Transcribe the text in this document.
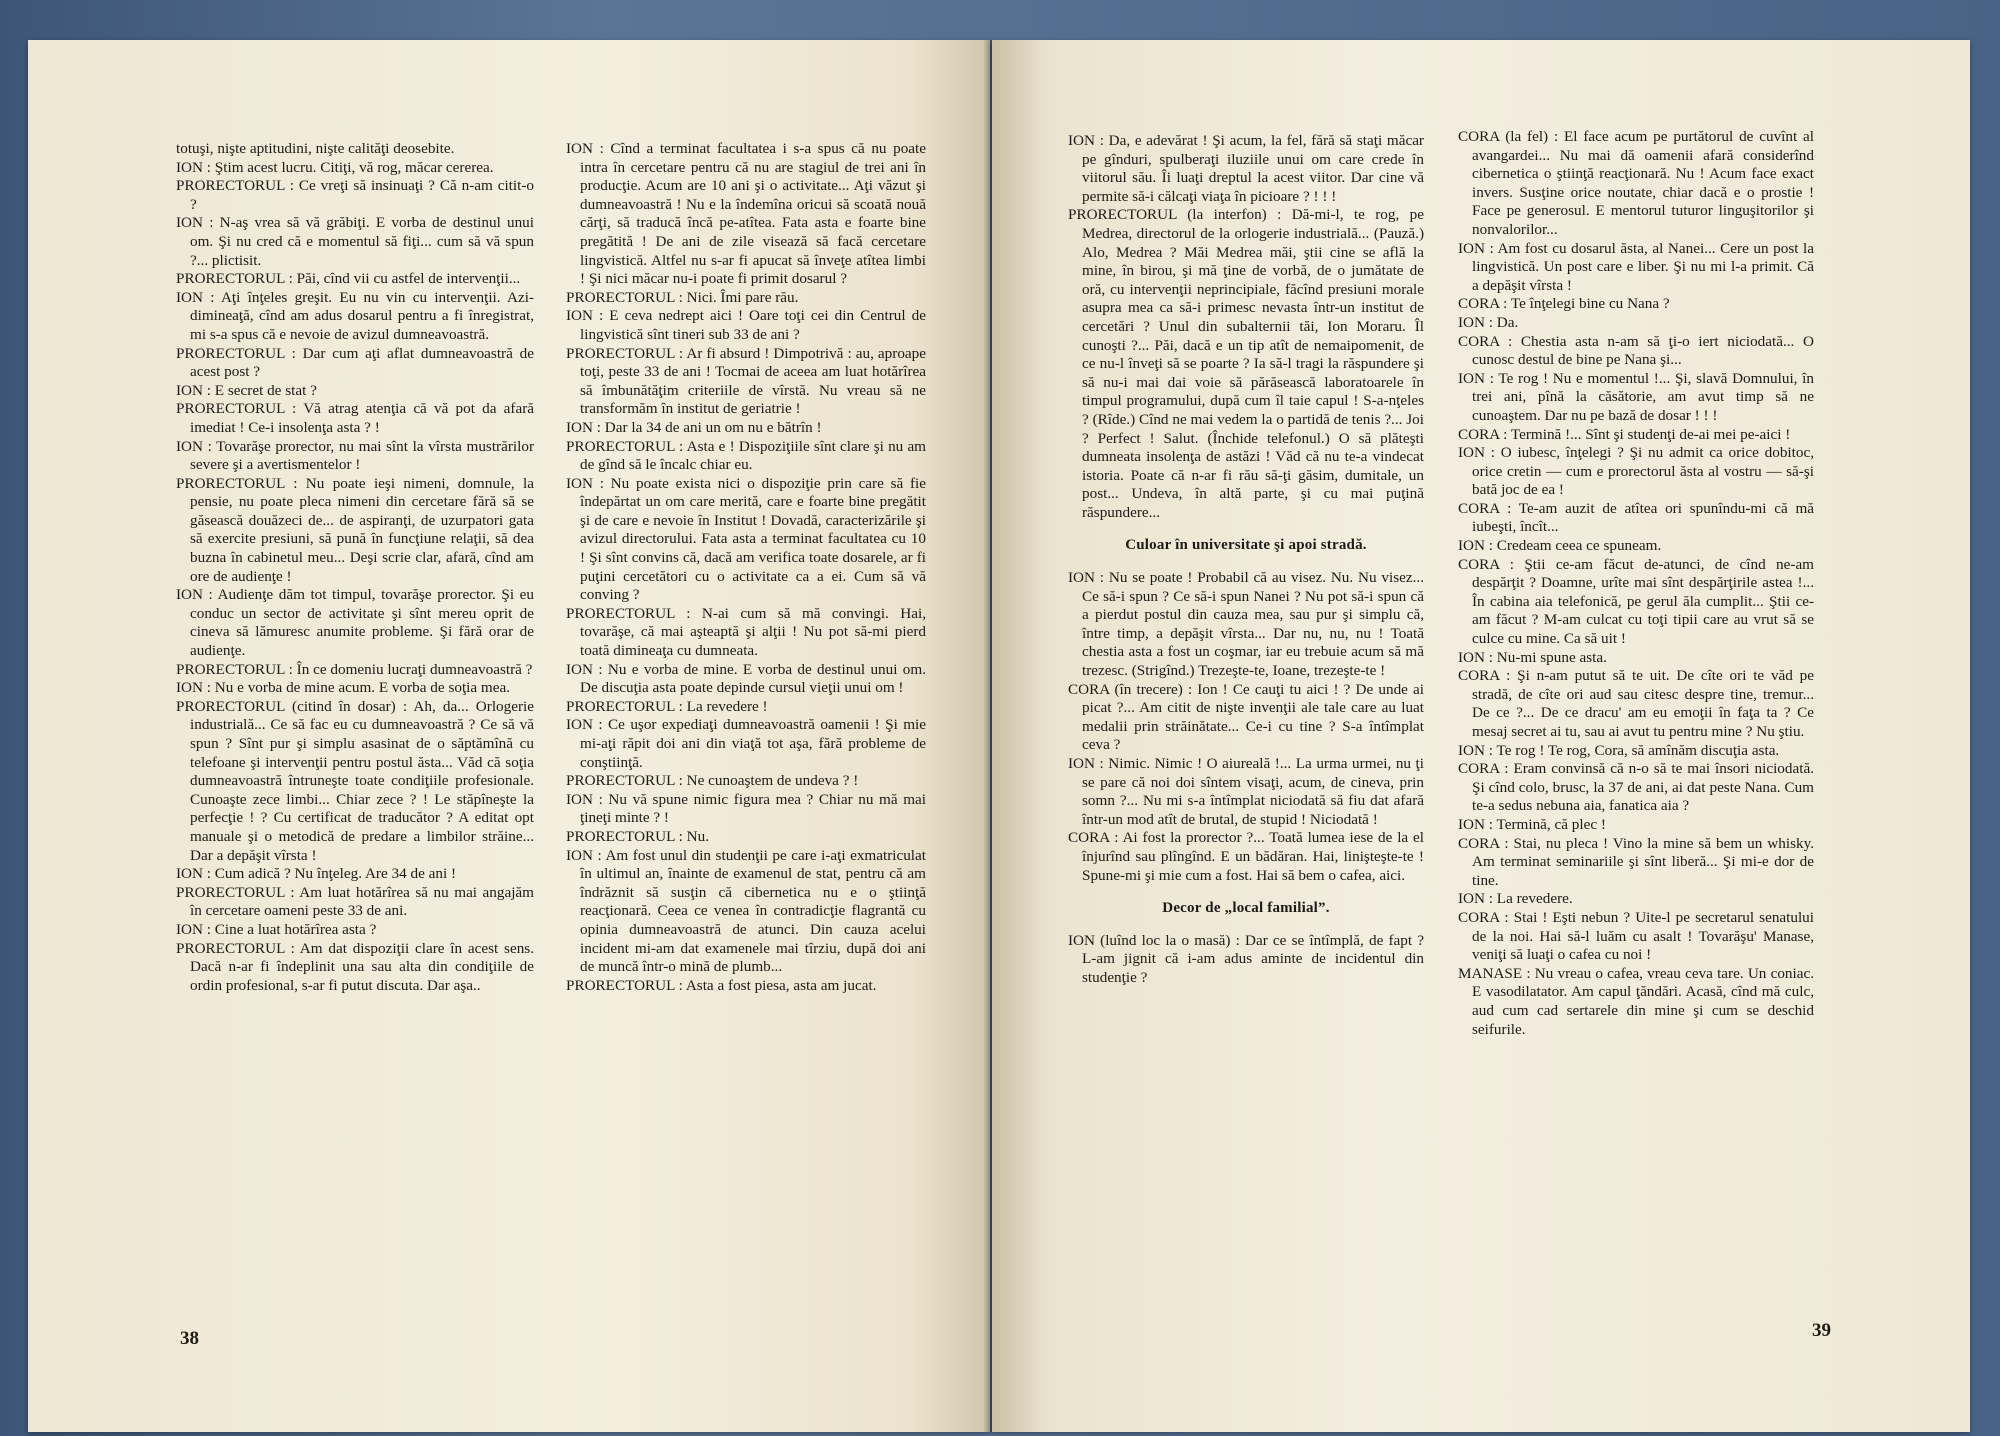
totuşi, nişte aptitudini, nişte calităţi deosebite.

ION : Ştim acest lucru. Citiţi, vă rog, măcar cererea.

PRORECTORUL : Ce vreţi să insinuaţi ? Că n-am citit-o ?

ION : N-aş vrea să vă grăbiţi. E vorba de destinul unui om. Şi nu cred că e momentul să fiţi... cum să vă spun ?... plictisit.

PRORECTORUL : Păi, cînd vii cu astfel de intervenţii...

ION : Aţi înţeles greşit. Eu nu vin cu intervenţii. Azi-dimineaţă, cînd am adus dosarul pentru a fi înregistrat, mi s-a spus că e nevoie de avizul dumneavoastră.

PRORECTORUL : Dar cum aţi aflat dumneavoastră de acest post ?

ION : E secret de stat ?

PRORECTORUL : Vă atrag atenţia că vă pot da afară imediat ! Ce-i insolenţa asta ? !

ION : Tovarăşe prorector, nu mai sînt la vîrsta mustrărilor severe şi a avertismentelor !

PRORECTORUL : Nu poate ieşi nimeni, domnule, la pensie, nu poate pleca nimeni din cercetare fără să se găsească douăzeci de... de aspiranţi, de uzurpatori gata să exercite presiuni, să pună în funcţiune relaţii, să dea buzna în cabinetul meu... Deşi scrie clar, afară, cînd am ore de audienţe !

ION : Audienţe dăm tot timpul, tovarăşe prorector. Şi eu conduc un sector de activitate şi sînt mereu oprit de cineva să lămuresc anumite probleme. Şi fără orar de audienţe.

PRORECTORUL : În ce domeniu lucraţi dumneavoastră ?

ION : Nu e vorba de mine acum. E vorba de soţia mea.

PRORECTORUL (citind în dosar) : Ah, da... Orlogerie industrială... Ce să fac eu cu dumneavoastră ? Ce să vă spun ? Sînt pur şi simplu asasinat de o săptămînă cu telefoane şi intervenţii pentru postul ăsta... Văd că soţia dumneavoastră întruneşte toate condiţiile profesionale. Cunoaşte zece limbi... Chiar zece ? ! Le stăpîneşte la perfecţie ! ? Cu certificat de traducător ? A editat opt manuale şi o metodică de predare a limbilor străine... Dar a depăşit vîrsta !

ION : Cum adică ? Nu înţeleg. Are 34 de ani !

PRORECTORUL : Am luat hotărîrea să nu mai angajăm în cercetare oameni peste 33 de ani.

ION : Cine a luat hotărîrea asta ?

PRORECTORUL : Am dat dispoziţii clare în acest sens. Dacă n-ar fi îndeplinit una sau alta din condiţiile de ordin profesional, s-ar fi putut discuta. Dar aşa..

ION : Cînd a terminat facultatea i s-a spus că nu poate intra în cercetare pentru că nu are stagiul de trei ani în producţie. Acum are 10 ani şi o activitate... Aţi văzut şi dumneavoastră ! Nu e la îndemîna oricui să scoată nouă cărţi, să traducă încă pe-atîtea. Fata asta e foarte bine pregătită ! De ani de zile visează să facă cercetare lingvistică. Altfel nu s-ar fi apucat să înveţe atîtea limbi ! Şi nici măcar nu-i poate fi primit dosarul ?

PRORECTORUL : Nici. Îmi pare rău.

ION : E ceva nedrept aici ! Oare toţi cei din Centrul de lingvistică sînt tineri sub 33 de ani ?

PRORECTORUL : Ar fi absurd ! Dimpotrivă : au, aproape toţi, peste 33 de ani ! Tocmai de aceea am luat hotărîrea să îmbunătăţim criteriile de vîrstă. Nu vreau să ne transformăm în institut de geriatrie !

ION : Dar la 34 de ani un om nu e bătrîn !

PRORECTORUL : Asta e ! Dispoziţiile sînt clare şi nu am de gînd să le încalc chiar eu.

ION : Nu poate exista nici o dispoziţie prin care să fie îndepărtat un om care merită, care e foarte bine pregătit şi de care e nevoie în Institut ! Dovadă, caracterizările şi avizul directorului. Fata asta a terminat facultatea cu 10 ! Şi sînt convins că, dacă am verifica toate dosarele, ar fi puţini cercetători cu o activitate ca a ei. Cum să vă conving ?

PRORECTORUL : N-ai cum să mă convingi. Hai, tovarăşe, că mai aşteaptă şi alţii ! Nu pot să-mi pierd toată dimineaţa cu dumneata.

ION : Nu e vorba de mine. E vorba de destinul unui om. De discuţia asta poate depinde cursul vieţii unui om !

PRORECTORUL : La revedere !

ION : Ce uşor expediaţi dumneavoastră oamenii ! Şi mie mi-aţi răpit doi ani din viaţă tot aşa, fără probleme de conştiinţă.

PRORECTORUL : Ne cunoaştem de undeva ? !

ION : Nu vă spune nimic figura mea ? Chiar nu mă mai ţineţi minte ? !

PRORECTORUL : Nu.

ION : Am fost unul din studenţii pe care i-aţi exmatriculat în ultimul an, înainte de examenul de stat, pentru că am îndrăznit să susţin că cibernetica nu e o ştiinţă reacţionară. Ceea ce venea în contradicţie flagrantă cu opinia dumneavoastră de atunci. Din cauza acelui incident mi-am dat examenele mai tîrziu, după doi ani de muncă într-o mină de plumb...

PRORECTORUL : Asta a fost piesa, asta am jucat.

38

ION : Da, e adevărat ! Şi acum, la fel, fără să staţi măcar pe gînduri, spulberaţi iluziile unui om care crede în viitorul său. Îi luaţi dreptul la acest viitor. Dar cine vă permite să-i călcaţi viaţa în picioare ? ! ! !

PRORECTORUL (la interfon) : Dă-mi-l, te rog, pe Medrea, directorul de la orlogerie industrială... (Pauză.) Alo, Medrea ? Măi Medrea măi, ştii cine se află la mine, în birou, şi mă ţine de vorbă, de o jumătate de oră, cu intervenţii neprincipiale, făcînd presiuni morale asupra mea ca să-i primesc nevasta într-un institut de cercetări ? Unul din subalternii tăi, Ion Moraru. Îl cunoşti ?... Păi, dacă e un tip atît de nemaipomenit, de ce nu-l înveţi să se poarte ? Ia să-l tragi la răspundere şi să nu-i mai dai voie să părăsească laboratoarele în timpul programului, după cum îl taie capul ! S-a-nţeles ? (Rîde.) Cînd ne mai vedem la o partidă de tenis ?... Joi ? Perfect ! Salut. (Închide telefonul.) O să plăteşti dumneata insolenţa de astăzi ! Văd că nu te-a vindecat istoria. Poate că n-ar fi rău să-ţi găsim, dumitale, un post... Undeva, în altă parte, şi cu mai puţină răspundere...

Culoar în universitate şi apoi stradă.

ION : Nu se poate ! Probabil că au visez. Nu. Nu visez... Ce să-i spun ? Ce să-i spun Nanei ? Nu pot să-i spun că a pierdut postul din cauza mea, sau pur şi simplu că, între timp, a depăşit vîrsta... Dar nu, nu, nu ! Toată chestia asta a fost un coşmar, iar eu trebuie acum să mă trezesc. (Strigînd.) Trezeşte-te, Ioane, trezeşte-te !

CORA (în trecere) : Ion ! Ce cauţi tu aici ! ? De unde ai picat ?... Am citit de nişte invenţii ale tale care au luat medalii prin străinătate... Ce-i cu tine ? S-a întîmplat ceva ?

ION : Nimic. Nimic ! O aiureală !... La urma urmei, nu ţi se pare că noi doi sîntem visaţi, acum, de cineva, prin somn ?... Nu mi s-a întîmplat niciodată să fiu dat afară într-un mod atît de brutal, de stupid ! Niciodată !

CORA : Ai fost la prorector ?... Toată lumea iese de la el înjurînd sau plîngînd. E un bădăran. Hai, linişteşte-te ! Spune-mi şi mie cum a fost. Hai să bem o cafea, aici.

Decor de „local familial”.

ION (luînd loc la o masă) : Dar ce se întîmplă, de fapt ? L-am jignit că i-am adus aminte de incidentul din studenţie ?

CORA (la fel) : El face acum pe purtătorul de cuvînt al avangardei... Nu mai dă oamenii afară considerînd cibernetica o ştiinţă reacţionară. Nu ! Acum face exact invers. Susţine orice noutate, chiar dacă e o prostie ! Face pe generosul. E mentorul tuturor linguşitorilor şi nonvalorilor...

ION : Am fost cu dosarul ăsta, al Nanei... Cere un post la lingvistică. Un post care e liber. Şi nu mi l-a primit. Că a depăşit vîrsta !

CORA : Te înţelegi bine cu Nana ?

ION : Da.

CORA : Chestia asta n-am să ţi-o iert niciodată... O cunosc destul de bine pe Nana şi...

ION : Te rog ! Nu e momentul !... Şi, slavă Domnului, în trei ani, pînă la căsătorie, am avut timp să ne cunoaştem. Dar nu pe bază de dosar ! ! !

CORA : Termină !... Sînt şi studenţi de-ai mei pe-aici !

ION : O iubesc, înţelegi ? Şi nu admit ca orice dobitoc, orice cretin — cum e prorectorul ăsta al vostru — să-şi bată joc de ea !

CORA : Te-am auzit de atîtea ori spunîndu-mi că mă iubeşti, încît...

ION : Credeam ceea ce spuneam.

CORA : Ştii ce-am făcut de-atunci, de cînd ne-am despărţit ? Doamne, urîte mai sînt despărţirile astea !... În cabina aia telefonică, pe gerul ăla cumplit... Ştii ce-am făcut ? M-am culcat cu toţi tipii care au vrut să se culce cu mine. Ca să uit !

ION : Nu-mi spune asta.

CORA : Şi n-am putut să te uit. De cîte ori te văd pe stradă, de cîte ori aud sau citesc despre tine, tremur... De ce ?... De ce dracu' am eu emoţii în faţa ta ? Ce mesaj secret ai tu, sau ai avut tu pentru mine ? Nu ştiu.

ION : Te rog ! Te rog, Cora, să amînăm discuţia asta.

CORA : Eram convinsă că n-o să te mai însori niciodată. Şi cînd colo, brusc, la 37 de ani, ai dat peste Nana. Cum te-a sedus nebuna aia, fanatica aia ?

ION : Termină, că plec !

CORA : Stai, nu pleca ! Vino la mine să bem un whisky. Am terminat seminariile şi sînt liberă... Şi mi-e dor de tine.

ION : La revedere.

CORA : Stai ! Eşti nebun ? Uite-l pe secretarul senatului de la noi. Hai să-l luăm cu asalt ! Tovarăşu' Manase, veniţi să luaţi o cafea cu noi !

MANASE : Nu vreau o cafea, vreau ceva tare. Un coniac. E vasodilatator. Am capul ţăndări. Acasă, cînd mă culc, aud cum cad sertarele din mine şi cum se deschid seifurile.

39
